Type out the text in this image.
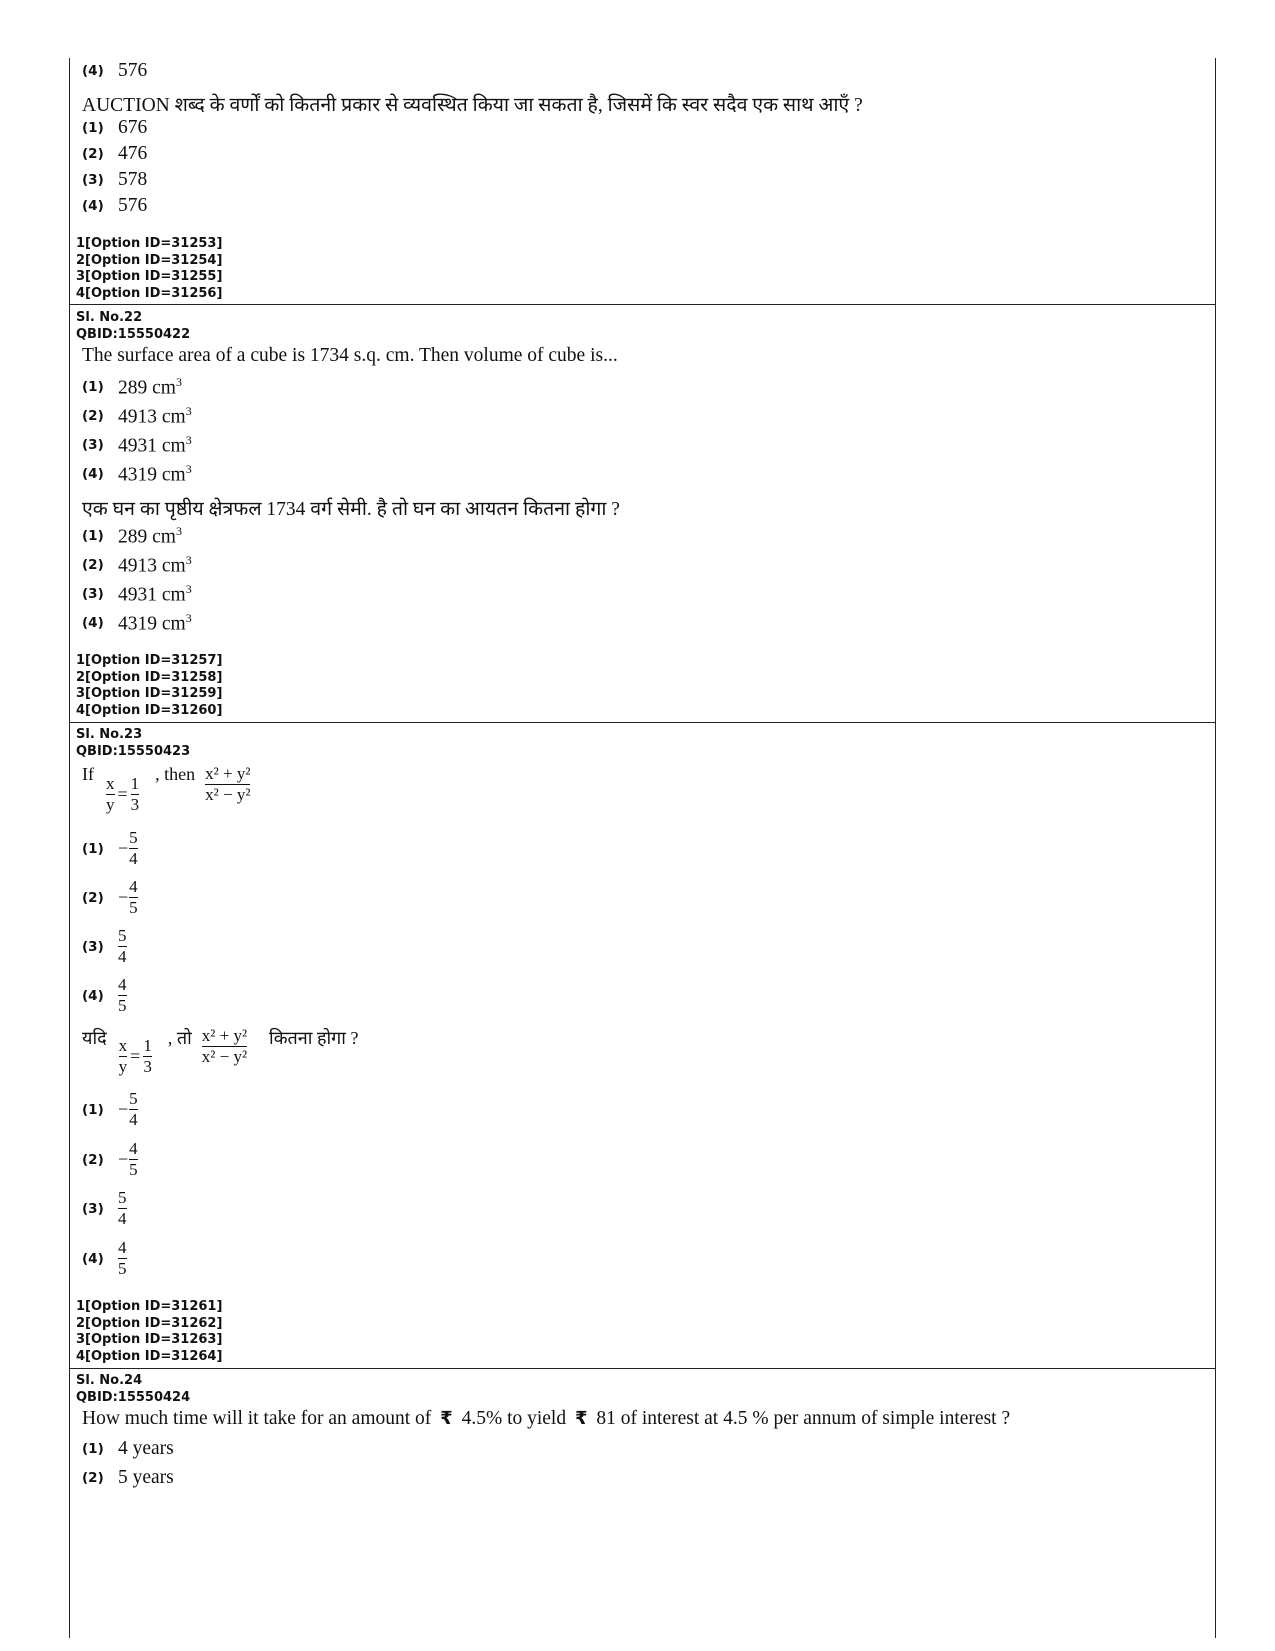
(4) 576
AUCTION शब्द के वर्णों को कितनी प्रकार से व्यवस्थित किया जा सकता है, जिसमें कि स्वर सदैव एक साथ आएँ ?
(1) 676
(2) 476
(3) 578
(4) 576
1[Option ID=31253]
2[Option ID=31254]
3[Option ID=31255]
4[Option ID=31256]
Sl. No.22
QBID:15550422
The surface area of a cube is 1734 s.q. cm. Then volume of cube is...
(1) 289 $cm^3$
(2) 4913 $cm^3$
(3) 4931 $cm^3$
(4) 4319 $cm^3$
एक घन का पृष्ठीय क्षेत्रफल 1734 वर्ग सेमी. है तो घन का आयतन कितना होगा ?
(1) 289 $cm^3$
(2) 4913 $cm^3$
(3) 4931 $cm^3$
(4) 4319 $cm^3$
1[Option ID=31257]
2[Option ID=31258]
3[Option ID=31259]
4[Option ID=31260]
Sl. No.23
QBID:15550423
If $\frac{x}{y} = \frac{1}{3}$ , then $\frac{\text{x² + y²}}{\text{x² − y²}}$
$(1) - \frac{5}{4}$
$(2) - \frac{4}{5}$
$(3) \frac{5}{4}$
$(4) \frac{4}{5}$
यदि $\frac{x}{y} = \frac{1}{3}$ , तो $\frac{\text{x² + y²}}{\text{x² − y²}}$ कितना होगा ?
$(1) - \frac{5}{4}$
$(2) - \frac{4}{5}$
$(3) \frac{5}{4}$
$(4) \frac{4}{5}$
1[Option ID=31261]
2[Option ID=31262]
3[Option ID=31263]
4[Option ID=31264]
Sl. No.24
QBID:15550424
How much time will it take for an amount of ₹ 4.5% to yield ₹ 81 of interest at 4.5 % per annum of simple interest ?
(1) 4 years
(2) 5 years
